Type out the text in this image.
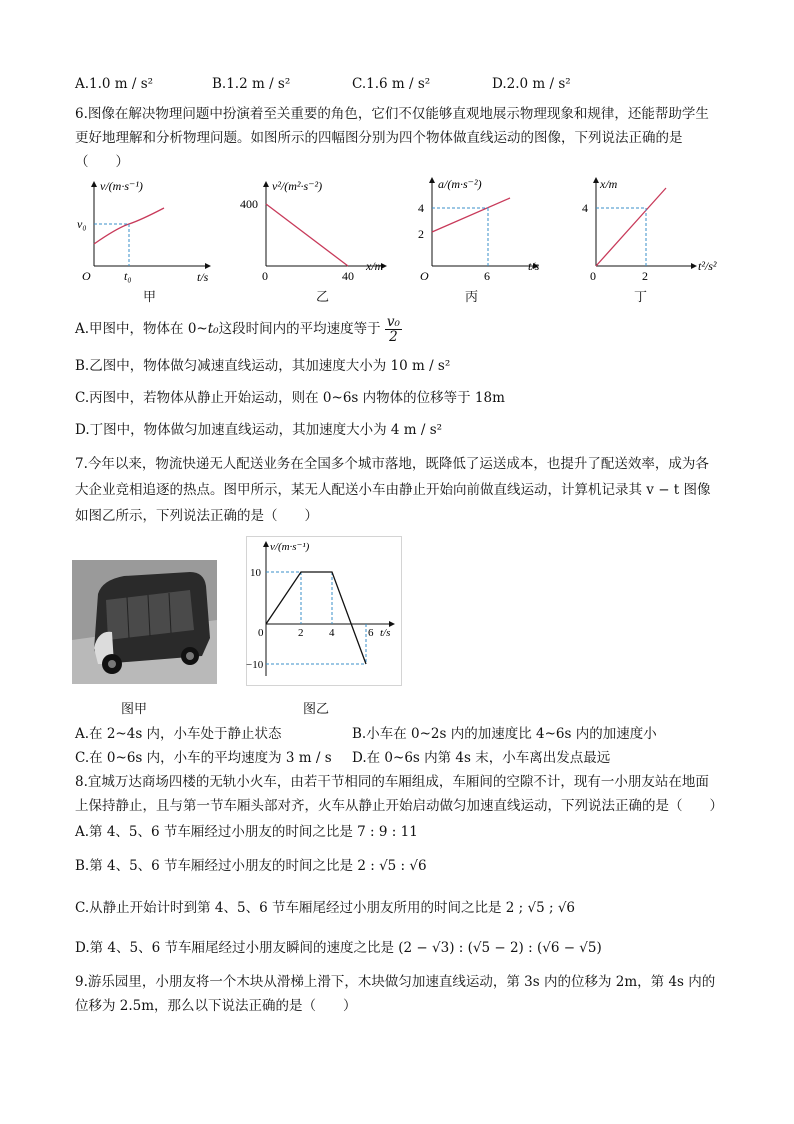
A.1.0 m / s²	B.1.2 m / s²	C.1.6 m / s²	D.2.0 m / s²
6.图像在解决物理问题中扮演着至关重要的角色，它们不仅能够直观地展示物理现象和规律，还能帮助学生
更好地理解和分析物理问题。如图所示的四幅图分别为四个物体做直线运动的图像，下列说法正确的是
（　　）
v/(m·s⁻¹)
t/s
v₀
t₀
O
甲
v²/(m²·s⁻²)
x/m
400
40
0
乙
a/(m·s⁻²)
t/s
4
2
6
O
丙
x/m
t²/s²
4
2
0
丁
A.甲图中，物体在 0~t₀这段时间内的平均速度等于 $\frac{\text{v₀}}{2}$
B.乙图中，物体做匀减速直线运动，其加速度大小为 10 m / s²
C.丙图中，若物体从静止开始运动，则在 0~6s 内物体的位移等于 18m
D.丁图中，物体做匀加速直线运动，其加速度大小为 4 m / s²
7.今年以来，物流快递无人配送业务在全国多个城市落地，既降低了运送成本，也提升了配送效率，成为各
大企业竞相追逐的热点。图甲所示，某无人配送小车由静止开始向前做直线运动，计算机记录其 v − t 图像
如图乙所示，下列说法正确的是（　　）
v/(m·s⁻¹)
t/s
10
−10
0	2 4	6
图甲	图乙
A.在 2~4s 内，小车处于静止状态	B.小车在 0~2s 内的加速度比 4~6s 内的加速度小
C.在 0~6s 内，小车的平均速度为 3 m / s D.在 0~6s 内第 4s 末，小车离出发点最远
8.宜城万达商场四楼的无轨小火车，由若干节相同的车厢组成，车厢间的空隙不计，现有一小朋友站在地面
上保持静止，且与第一节车厢头部对齐，火车从静止开始启动做匀加速直线运动，下列说法正确的是（　　）
A.第 4、5、6 节车厢经过小朋友的时间之比是 7 : 9 : 11
B.第 4、5、6 节车厢经过小朋友的时间之比是 2 : √5 : √6
C.从静止开始计时到第 4、5、6 节车厢尾经过小朋友所用的时间之比是 2 ; √5 ; √6
D.第 4、5、6 节车厢尾经过小朋友瞬间的速度之比是 (2 − √3) : (√5 − 2) : (√6 − √5)
9.游乐园里，小朋友将一个木块从滑梯上滑下，木块做匀加速直线运动，第 3s 内的位移为 2m，第 4s 内的
位移为 2.5m，那么以下说法正确的是（　　）
